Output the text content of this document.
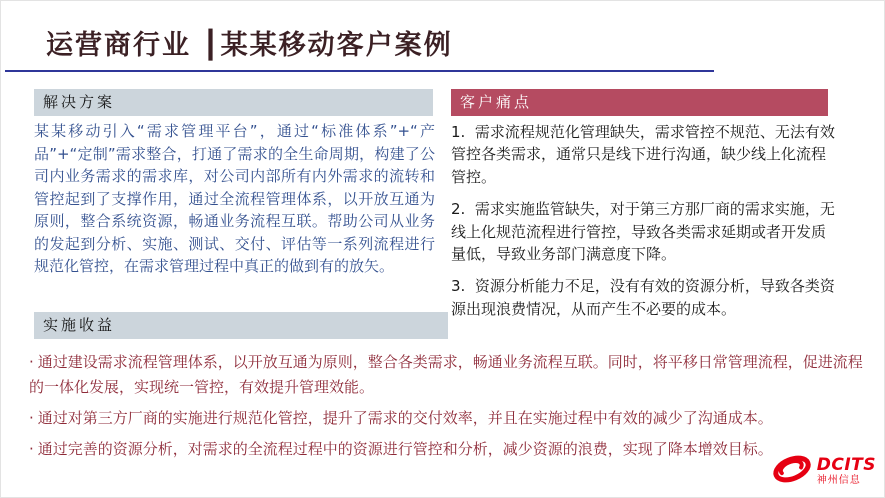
运营商行业 ┃某某移动客户案例
解决方案
某某移动引入“需求管理平台”，通过“标准体系”+“产品”+“定制”需求整合，打通了需求的全生命周期，构建了公司内业务需求的需求库，对公司内部所有内外需求的流转和管控起到了支撑作用，通过全流程管理体系，以开放互通为原则，整合系统资源，畅通业务流程互联。帮助公司从业务的发起到分析、实施、测试、交付、评估等一系列流程进行规范化管控，在需求管理过程中真正的做到有的放矢。
客户痛点

1.  需求流程规范化管理缺失，需求管控不规范、无法有效管控各类需求，通常只是线下进行沟通，缺少线上化流程管控。

2.  需求实施监管缺失，对于第三方那厂商的需求实施，无线上化规范流程进行管控，导致各类需求延期或者开发质量低，导致业务部门满意度下降。

3.  资源分析能力不足，没有有效的资源分析，导致各类资源出现浪费情况，从而产生不必要的成本。

实施收益

· 通过建设需求流程管理体系，以开放互通为原则，整合各类需求，畅通业务流程互联。同时，将平移日常管理流程，促进流程的一体化发展，实现统一管控，有效提升管理效能。

· 通过对第三方厂商的实施进行规范化管控，提升了需求的交付效率，并且在实施过程中有效的减少了沟通成本。

· 通过完善的资源分析，对需求的全流程过程中的资源进行管控和分析，减少资源的浪费，实现了降本增效目标。

DCITS
神州信息
